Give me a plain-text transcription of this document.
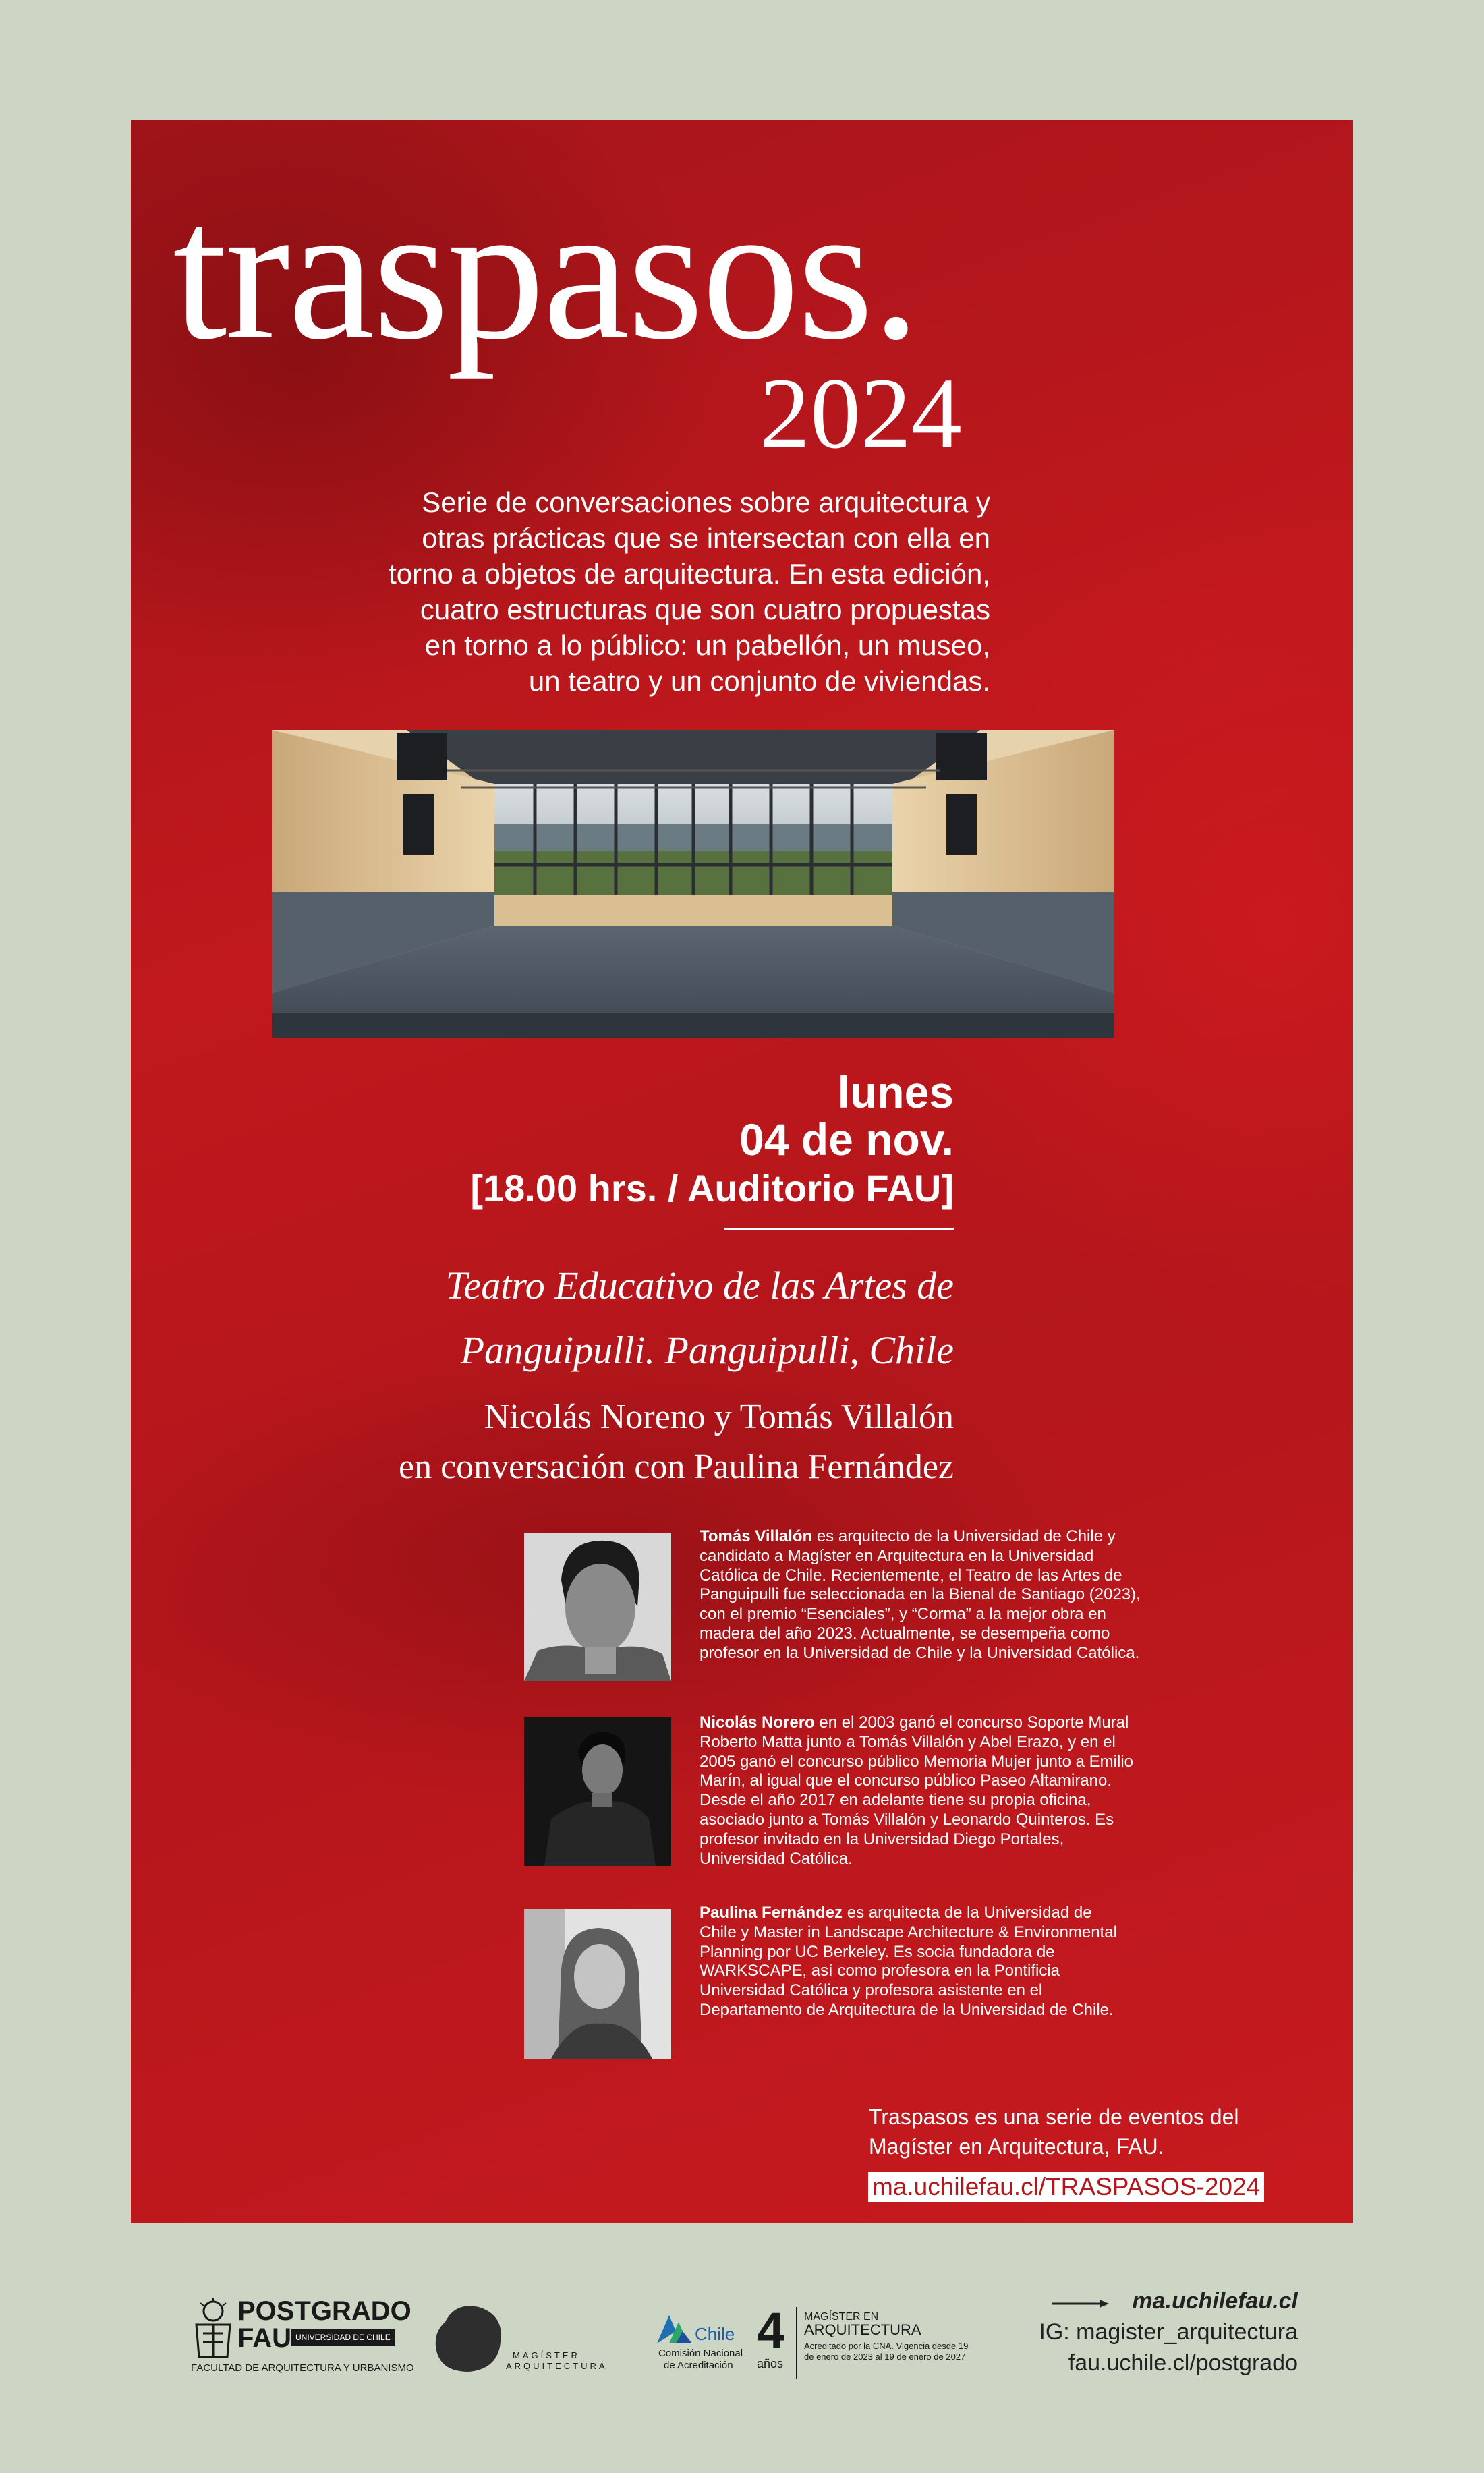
traspasos.
2024
Serie de conversaciones sobre arquitectura y
otras prácticas que se intersectan con ella en
torno a objetos de arquitectura. En esta edición,
cuatro estructuras que son cuatro propuestas
en torno a lo público: un pabellón, un museo,
un teatro y un conjunto de viviendas.
lunes
04 de nov.
[18.00 hrs. / Auditorio FAU]
Teatro Educativo de las Artes de
Panguipulli. Panguipulli, Chile
Nicolás Noreno y Tomás Villalón
en conversación con Paulina Fernández
Tomás Villalón es arquitecto de la Universidad de Chile y
candidato a Magíster en Arquitectura en la Universidad
Católica de Chile. Recientemente, el Teatro de las Artes de
Panguipulli fue seleccionada en la Bienal de Santiago (2023),
con el premio “Esenciales”, y “Corma” a la mejor obra en
madera del año 2023. Actualmente, se desempeña como
profesor en la Universidad de Chile y la Universidad Católica.
Nicolás Norero en el 2003 ganó el concurso Soporte Mural
Roberto Matta junto a Tomás Villalón y Abel Erazo, y en el
2005 ganó el concurso público Memoria Mujer junto a Emilio
Marín, al igual que el concurso público Paseo Altamirano.
Desde el año 2017 en adelante tiene su propia oficina,
asociado junto a Tomás Villalón y Leonardo Quinteros. Es
profesor invitado en la Universidad Diego Portales,
Universidad Católica.
Paulina Fernández es arquitecta de la Universidad de
Chile y Master in Landscape Architecture & Environmental
Planning por UC Berkeley. Es socia fundadora de
WARKSCAPE, así como profesora en la Pontificia
Universidad Católica y profesora asistente en el
Departamento de Arquitectura de la Universidad de Chile.
Traspasos es una serie de eventos del
Magíster en Arquitectura, FAU.
ma.uchilefau.cl/TRASPASOS-2024
POSTGRADO
FAU UNIVERSIDAD DE CHILE
FACULTAD DE ARQUITECTURA Y URBANISMO
MAGÍSTER
ARQUITECTURA
Chile
Comisión Nacional
de Acreditación
4
años
MAGÍSTER EN
ARQUITECTURA
Acreditado por la CNA. Vigencia desde 19
de enero de 2023 al 19 de enero de 2027
ma.uchilefau.cl
IG: magister_arquitectura
fau.uchile.cl/postgrado
